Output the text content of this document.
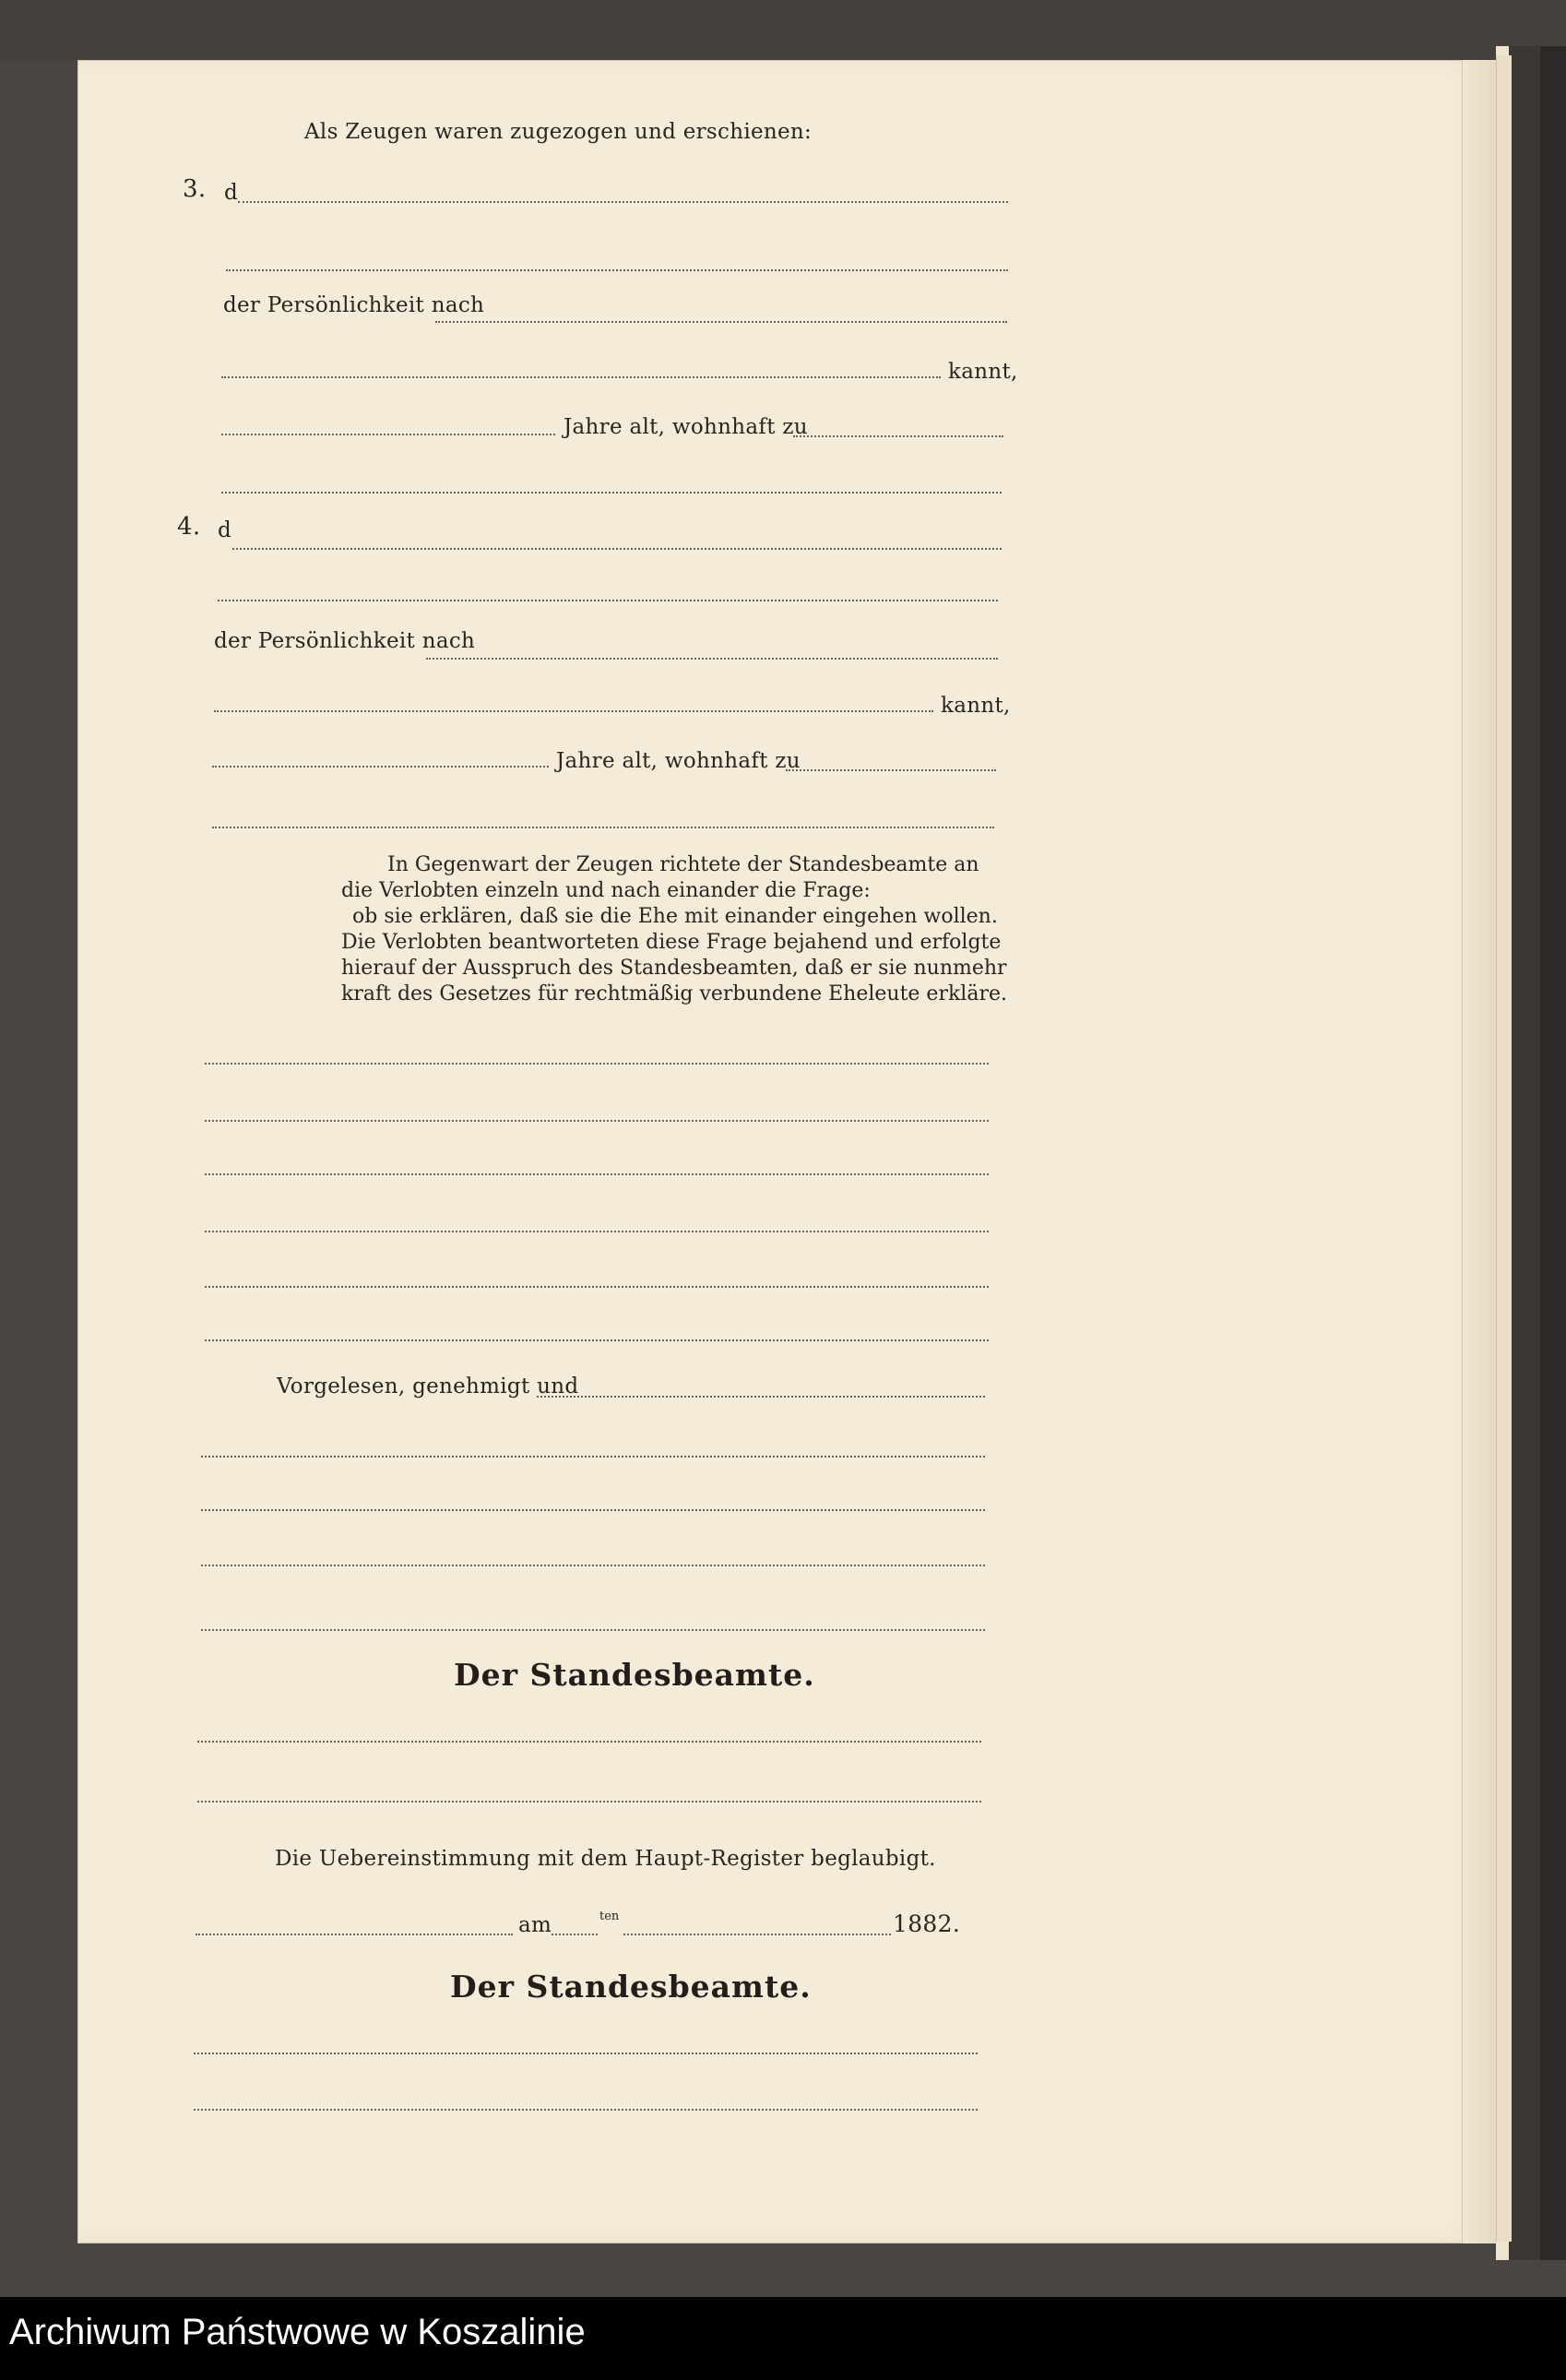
Als Zeugen waren zugezogen und erschienen:
3. d
der Persönlichkeit nach
kannt,
Jahre alt, wohnhaft zu
4. d
der Persönlichkeit nach
kannt,
Jahre alt, wohnhaft zu
In Gegenwart der Zeugen richtete der Standesbeamte an
die Verlobten einzeln und nach einander die Frage:
ob sie erklären, daß sie die Ehe mit einander eingehen wollen.
Die Verlobten beantworteten diese Frage bejahend und erfolgte
hierauf der Ausspruch des Standesbeamten, daß er sie nunmehr
kraft des Gesetzes für rechtmäßig verbundene Eheleute erkläre.
Vorgelesen, genehmigt und
Der Standesbeamte.
Die Uebereinstimmung mit dem Haupt-Register beglaubigt.
am	ten	1882.
Der Standesbeamte.
Archiwum Państwowe w Koszalinie
